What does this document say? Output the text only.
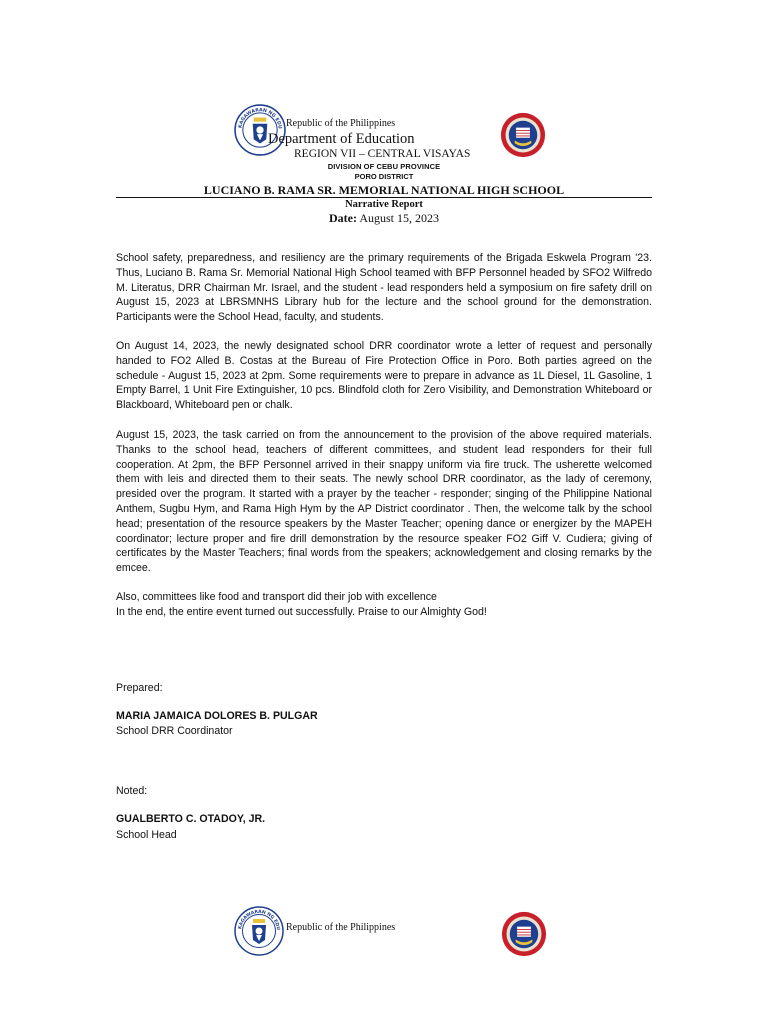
KAGAWARAN NG EDU Republic of the Philippines
Department of Education
REGION VII – CENTRAL VISAYAS
DIVISION OF CEBU PROVINCE
PORO DISTRICT
LUCIANO B. RAMA SR. MEMORIAL NATIONAL HIGH SCHOOL
Narrative Report
Date: August 15, 2023
School safety, preparedness, and resiliency are the primary requirements of the Brigada Eskwela Program '23. Thus, Luciano B. Rama Sr. Memorial National High School teamed with BFP Personnel headed by SFO2 Wilfredo M. Literatus, DRR Chairman Mr. Israel, and the student - lead responders held a symposium on fire safety drill on August 15, 2023 at LBRSMNHS Library hub for the lecture and the school ground for the demonstration. Participants were the School Head, faculty, and students.
On August 14, 2023, the newly designated school DRR coordinator wrote a letter of request and personally handed to FO2 Alled B. Costas at the Bureau of Fire Protection Office in Poro. Both parties agreed on the schedule - August 15, 2023 at 2pm. Some requirements were to prepare in advance as 1L Diesel, 1L Gasoline, 1 Empty Barrel, 1 Unit Fire Extinguisher, 10 pcs. Blindfold cloth for Zero Visibility, and Demonstration Whiteboard or Blackboard, Whiteboard pen or chalk.
August 15, 2023, the task carried on from the announcement to the provision of the above required materials. Thanks to the school head, teachers of different committees, and student lead responders for their full cooperation. At 2pm, the BFP Personnel arrived in their snappy uniform via fire truck. The usherette welcomed them with leis and directed them to their seats. The newly school DRR coordinator, as the lady of ceremony, presided over the program. It started with a prayer by the teacher - responder; singing of the Philippine National Anthem, Sugbu Hym, and Rama High Hym by the AP District coordinator . Then, the welcome talk by the school head; presentation of the resource speakers by the Master Teacher; opening dance or energizer by the MAPEH coordinator; lecture proper and fire drill demonstration by the resource speaker FO2 Giff V. Cudiera; giving of certificates by the Master Teachers; final words from the speakers; acknowledgement and closing remarks by the emcee.
Also, committees like food and transport did their job with excellence
In the end, the entire event turned out successfully. Praise to our Almighty God!
Prepared:
MARIA JAMAICA DOLORES B. PULGAR
School DRR Coordinator
Noted:
GUALBERTO C. OTADOY, JR.
School Head
KAGAWARAN NG EDU Republic of the Philippines
